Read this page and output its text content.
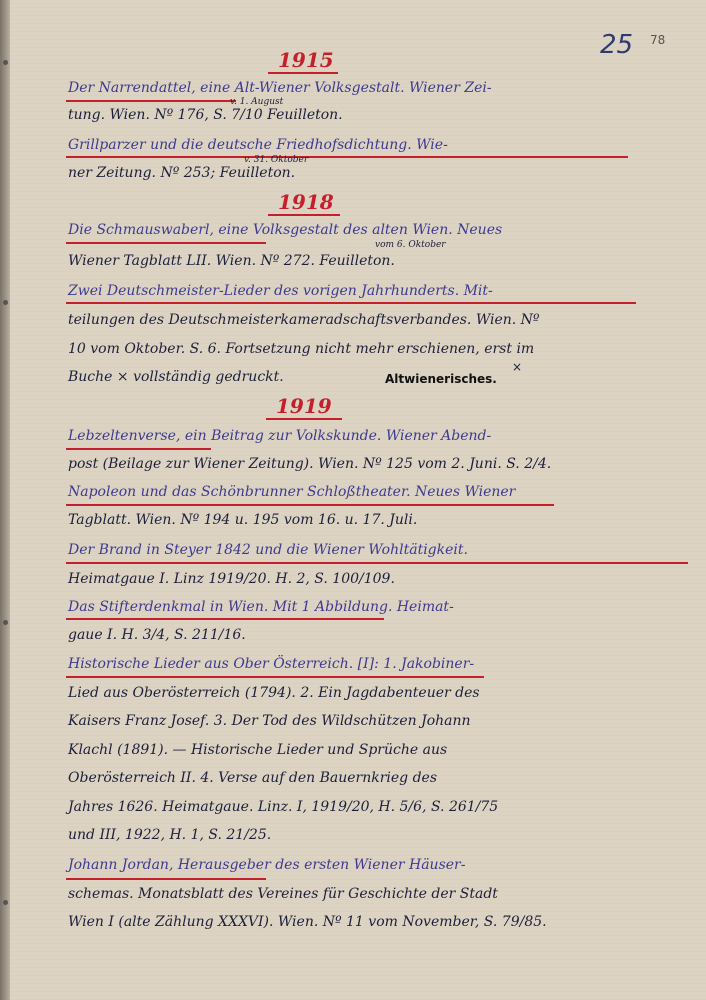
25 78
1915
Der Narrendattel, eine Alt-Wiener Volksgestalt. Wiener Zei-
v. 1. August
tung. Wien. Nº 176, S. 7/10 Feuilleton.
Grillparzer und die deutsche Friedhofsdichtung. Wie-
v. 31. Oktober
ner Zeitung. Nº 253; Feuilleton.
1918
Die Schmauswaberl, eine Volksgestalt des alten Wien. Neues
vom 6. Oktober
Wiener Tagblatt LII. Wien. Nº 272. Feuilleton.
Zwei Deutschmeister-Lieder des vorigen Jahrhunderts. Mit-
teilungen des Deutschmeisterkameradschaftsverbandes. Wien. Nº
10 vom Oktober. S. 6. Fortsetzung nicht mehr erschienen, erst im
Buche × vollständig gedruckt.	Altwienerisches.
×
1919
Lebzeltenverse, ein Beitrag zur Volkskunde. Wiener Abend-
post (Beilage zur Wiener Zeitung). Wien. Nº 125 vom 2. Juni. S. 2/4.
Napoleon und das Schönbrunner Schloßtheater. Neues Wiener
Tagblatt. Wien. Nº 194 u. 195 vom 16. u. 17. Juli.
Der Brand in Steyer 1842 und die Wiener Wohltätigkeit.
Heimatgaue I. Linz 1919/20. H. 2, S. 100/109.
Das Stifterdenkmal in Wien. Mit 1 Abbildung. Heimat-
gaue I. H. 3/4, S. 211/16.
Historische Lieder aus Ober Österreich. [I]: 1. Jakobiner-
Lied aus Oberösterreich (1794). 2. Ein Jagdabenteuer des
Kaisers Franz Josef. 3. Der Tod des Wildschützen Johann
Klachl (1891). — Historische Lieder und Sprüche aus
Oberösterreich II. 4. Verse auf den Bauernkrieg des
Jahres 1626. Heimatgaue. Linz. I, 1919/20, H. 5/6, S. 261/75
und III, 1922, H. 1, S. 21/25.
Johann Jordan, Herausgeber des ersten Wiener Häuser-
schemas. Monatsblatt des Vereines für Geschichte der Stadt
Wien I (alte Zählung XXXVI). Wien. Nº 11 vom November, S. 79/85.
